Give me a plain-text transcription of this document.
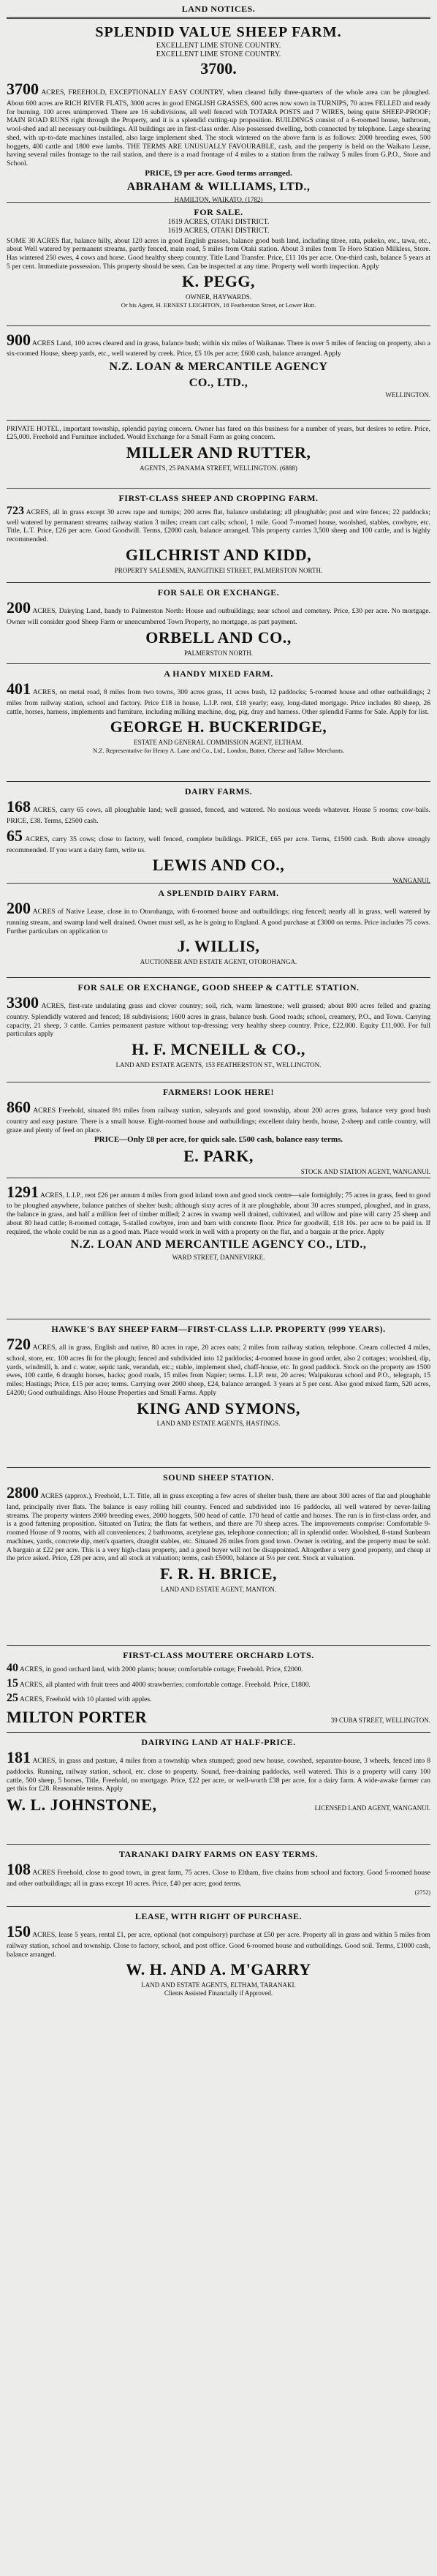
LAND NOTICES.
SPLENDID VALUE SHEEP FARM.
EXCELLENT LIME STONE COUNTRY.
EXCELLENT LIME STONE COUNTRY.
3700.

3700 ACRES, FREEHOLD, EXCEPTIONALLY EASY COUNTRY, when cleared fully three-quarters of the whole area can be ploughed. About 600 acres are RICH RIVER FLATS, 3000 acres in good ENGLISH GRASSES, 600 acres now sown in TURNIPS, 70 acres FELLED and ready for burning. 100 acres unimproved. There are 16 subdivisions, all well fenced with TOTARA POSTS and 7 WIRES, being quite SHEEP-PROOF; MAIN ROAD RUNS right through the Property, and it is a splendid cutting-up proposition. BUILDINGS consist of a 6-roomed house, bathroom, wool-shed and all necessary out-buildings. All buildings are in first-class order. Also possessed dwelling, both connected by telephone. Large shearing shed, with up-to-date machines installed, also large implement shed. The stock wintered on the above farm is as follows: 2000 breeding ewes, 500 hoggets, 400 cattle and 1800 ewe lambs. THE TERMS ARE UNUSUALLY FAVOURABLE, cash, and the property is held on the Waikato Lease, having several miles frontage to the rail station, and there is a road frontage of 4 miles to a station from the railway 5 miles from G.P.O., Store and School.

PRICE, £9 per acre. Good terms arranged.
ABRAHAM & WILLIAMS, LTD.,
HAMILTON, WAIKATO, (1782)
FOR SALE.
1619 ACRES, OTAKI DISTRICT.
1619 ACRES, OTAKI DISTRICT.

SOME 30 ACRES flat, balance hilly, about 120 acres in good English grasses, balance good bush land, including titree, rata, pukeko, etc., tawa, etc., about Well watered by permanent streams, partly fenced, main road, 5 miles from Otaki station. About 3 miles from Te Horo Station Milkless, Store. Has wintered 250 ewes, 4 cows and horse. Good healthy sheep country. Title Land Transfer. Price, £11 10s per acre. One-third cash, balance 5 years at 5 per cent. Immediate possession. This property should be seen. Can be inspected at any time. Property well worth inspection. Apply

K. PEGG,
OWNER, HAYWARDS.
Or his Agent, H. ERNEST LEIGHTON, 18 Featherston Street, or Lower Hutt.

900 ACRES Land, 100 acres cleared and in grass, balance bush; within six miles of Waikanae. There is over 5 miles of fencing on property, also a six-roomed House, sheep yards, etc., well watered by creek. Price, £5 10s per acre; £600 cash, balance arranged. Apply

N.Z. LOAN & MERCANTILE AGENCY
CO., LTD.,
WELLINGTON.

PRIVATE HOTEL, important township, splendid paying concern. Owner has fared on this business for a number of years, but desires to retire. Price, £25,000. Freehold and Furniture included. Would Exchange for a Small Farm as going concern.

MILLER AND RUTTER,
AGENTS, 25 PANAMA STREET, WELLINGTON. (6888)
FIRST-CLASS SHEEP AND CROPPING FARM.

723 ACRES, all in grass except 30 acres rape and turnips; 200 acres flat, balance undulating; all ploughable; post and wire fences; 22 paddocks; well watered by permanent streams; railway station 3 miles; cream cart calls; school, 1 mile. Good 7-roomed house, woolshed, stables, cowbyre, etc. Title, L.T. Price, £26 per acre. Good Goodwill. Terms, £2000 cash, balance arranged. This property carries 3,500 sheep and 100 cattle, and is highly recommended.

GILCHRIST AND KIDD,
PROPERTY SALESMEN, RANGITIKEI STREET, PALMERSTON NORTH.
FOR SALE OR EXCHANGE.

200 ACRES, Dairying Land, handy to Palmerston North: House and outbuildings; near school and cemetery. Price, £30 per acre. No mortgage. Owner will consider good Sheep Farm or unencumbered Town Property, no mortgage, as part payment.

ORBELL AND CO.,
PALMERSTON NORTH.
A HANDY MIXED FARM.

401 ACRES, on metal road, 8 miles from two towns, 300 acres grass, 11 acres bush, 12 paddocks; 5-roomed house and other outbuildings; 2 miles from railway station, school and factory. Price £18 in house, L.I.P. rent, £18 yearly; easy, long-dated mortgage. Price includes 80 sheep, 26 cattle, horses, harness, implements and furniture, including milking machine, dog, pig, dray and harness. Other splendid Farms for Sale. Apply for list.

GEORGE H. BUCKERIDGE,
ESTATE AND GENERAL COMMISSION AGENT, ELTHAM.
N.Z. Representative for Henry A. Lane and Co., Ltd., London, Butter, Cheese and Tallow Merchants.
DAIRY FARMS.

168 ACRES, carry 65 cows, all ploughable land; well grassed, fenced, and watered. No noxious weeds whatever. House 5 rooms; cow-bails. PRICE, £38. Terms, £2500 cash.

65 ACRES, carry 35 cows; close to factory, well fenced, complete buildings. PRICE, £65 per acre. Terms, £1500 cash. Both above strongly recommended. If you want a dairy farm, write us.

LEWIS AND CO.,
WANGANUI.
A SPLENDID DAIRY FARM.

200 ACRES of Native Lease, close in to Otorohanga, with 6-roomed house and outbuildings; ring fenced; nearly all in grass, well watered by running stream, and swamp land well drained. Owner must sell, as he is going to England. A good purchase at £3000 on terms. Price includes 75 cows. Further particulars on application to

J. WILLIS,
AUCTIONEER AND ESTATE AGENT, OTOROHANGA.
FOR SALE OR EXCHANGE, GOOD SHEEP & CATTLE STATION.

3300 ACRES, first-rate undulating grass and clover country; soil, rich, warm limestone; well grassed; about 800 acres felled and grazing country. Splendidly watered and fenced; 18 subdivisions; 1600 acres in grass, balance bush. Good roads; school, creamery, P.O., and Town. Carrying capacity, 21 sheep, 3 cattle. Carries permanent pasture without top-dressing; very healthy sheep country. Price, £22,000. Equity £11,000. For full particulars apply

H. F. MCNEILL & CO.,
LAND AND ESTATE AGENTS, 153 FEATHERSTON ST., WELLINGTON.
FARMERS! LOOK HERE!

860 ACRES Freehold, situated 8½ miles from railway station, saleyards and good township, about 200 acres grass, balance very good bush country and easy pasture. There is a small house. Eight-roomed house and outbuildings; excellent dairy herds, house, 2-sheep and cattle country, will graze and plenty of feed on place.

PRICE—Only £8 per acre, for quick sale. £500 cash, balance easy terms.
E. PARK,
STOCK AND STATION AGENT, WANGANUI.

1291 ACRES, L.I.P., rent £26 per annum 4 miles from good inland town and good stock centre—sale fortnightly; 75 acres in grass, feed to good to be ploughed anywhere, balance patches of shelter bush; although sixty acres of it are ploughable, about 30 acres stumped, ploughed, and in grass, the balance in grass, and half a million feet of timber milled; 2 acres in swamp well drained, cultivated, and willow and pine will carry 25 sheep and about 80 head cattle; 8-roomed cottage, 5-stalled cowbyre, iron and barn with concrete floor. Price for goodwill, £18 10s. per acre to be paid in. If required, the whole could be run as a good man. Place would work in well with a property on the flat, and a bargain at the price. Apply

N.Z. LOAN AND MERCANTILE AGENCY CO., LTD.,
WARD STREET, DANNEVIRKE.
HAWKE'S BAY SHEEP FARM—FIRST-CLASS L.I.P. PROPERTY (999 YEARS).

720 ACRES, all in grass, English and native, 80 acres in rape, 20 acres oats; 2 miles from railway station, telephone. Cream collected 4 miles, school, store, etc. 100 acres fit for the plough; fenced and subdivided into 12 paddocks; 4-roomed house in good order, also 2 cottages; woolshed, dip, yards, windmill, h. and c. water, septic tank, verandah, etc.; stable, implement shed, chaff-house, etc. In good paddock. Stock on the property are 1500 ewes, 100 cattle, 6 draught horses, hacks; good roads, 15 miles from Napier; terms. L.I.P. rent, 20 acres; Waipukurau school and P.O., telegraph, 15 miles; Hastings; Price, £15 per acre; terms. Carrying over 2000 sheep, £24, balance arranged. 3 years at 5 per cent. Also good mixed farm, 520 acres, £4200; Good outbuildings. Also House Properties and Small Farms. Apply

KING AND SYMONS,
LAND AND ESTATE AGENTS, HASTINGS.
SOUND SHEEP STATION.

2800 ACRES (approx.), Freehold, L.T. Title, all in grass excepting a few acres of shelter bush, there are about 300 acres of flat and ploughable land, principally river flats. The balance is easy rolling hill country. Fenced and subdivided into 16 paddocks, all well watered by never-failing streams. The property winters 2000 breeding ewes, 2000 hoggets, 500 head of cattle. 170 head of cattle and horses. The run is in first-class order, and is a good fattening proposition. Situated on Tutira; the flats fat wethers, and there are 70 sheep acres. The improvements comprise: Comfortable 9-roomed House of 9 rooms, with all conveniences; 2 bathrooms, acetylene gas, telephone connection; all in splendid order. Woolshed, 8-stand Sunbeam machines, yards, concrete dip, men's quarters, draught stables, etc. Situated 26 miles from good town. Owner is retiring, and the property must be sold. A bargain at £22 per acre. This is a very high-class property, and a good buyer will not be disappointed. Altogether a very good property, and cheap at the price asked. Price, £28 per acre, and all stock at valuation; terms, cash £5000, balance at 5½ per cent. Stock at valuation.

F. R. H. BRICE,
LAND AND ESTATE AGENT, MANTON.
FIRST-CLASS MOUTERE ORCHARD LOTS.

40 ACRES, in good orchard land, with 2000 plants; house; comfortable cottage; Freehold. Price, £2000.

15 ACRES, all planted with fruit trees and 4000 strawberries; comfortable cottage. Freehold. Price, £1800.

25 ACRES, Freehold with 10 planted with apples.

MILTON PORTER	39 CUBA STREET, WELLINGTON.
DAIRYING LAND AT HALF-PRICE.

181 ACRES, in grass and pasture, 4 miles from a township when stumped; good new house, cowshed, separator-house, 3 wheels, fenced into 8 paddocks. Running, railway station, school, etc. close to property. Sound, free-draining paddocks, well watered. This is a property will carry 100 cattle, 500 sheep, 5 horses, Title, Freehold, no mortgage. Price, £22 per acre, or well-worth £38 per acre, for a dairy farm. A wide-awake farmer can get this for £28. Reasonable terms. Apply

W. L. JOHNSTONE,	LICENSED LAND AGENT, WANGANUI.
TARANAKI DAIRY FARMS ON EASY TERMS.

108 ACRES Freehold, close to good town, in great farm, 75 acres. Close to Eltham, five chains from school and factory. Good 5-roomed house and other outbuildings; all in grass except 10 acres. Price, £40 per acre; good terms.

(2752)
LEASE, WITH RIGHT OF PURCHASE.

150 ACRES, lease 5 years, rental £1, per acre, optional (not compulsory) purchase at £50 per acre. Property all in grass and within 5 miles from railway station, school and township. Close to factory, school, and post office. Good 6-roomed house and outbuildings. Good soil. Terms, £1000 cash, balance arranged.

W. H. AND A. M'GARRY
LAND AND ESTATE AGENTS, ELTHAM, TARANAKI.
Clients Assisted Financially if Approved.
